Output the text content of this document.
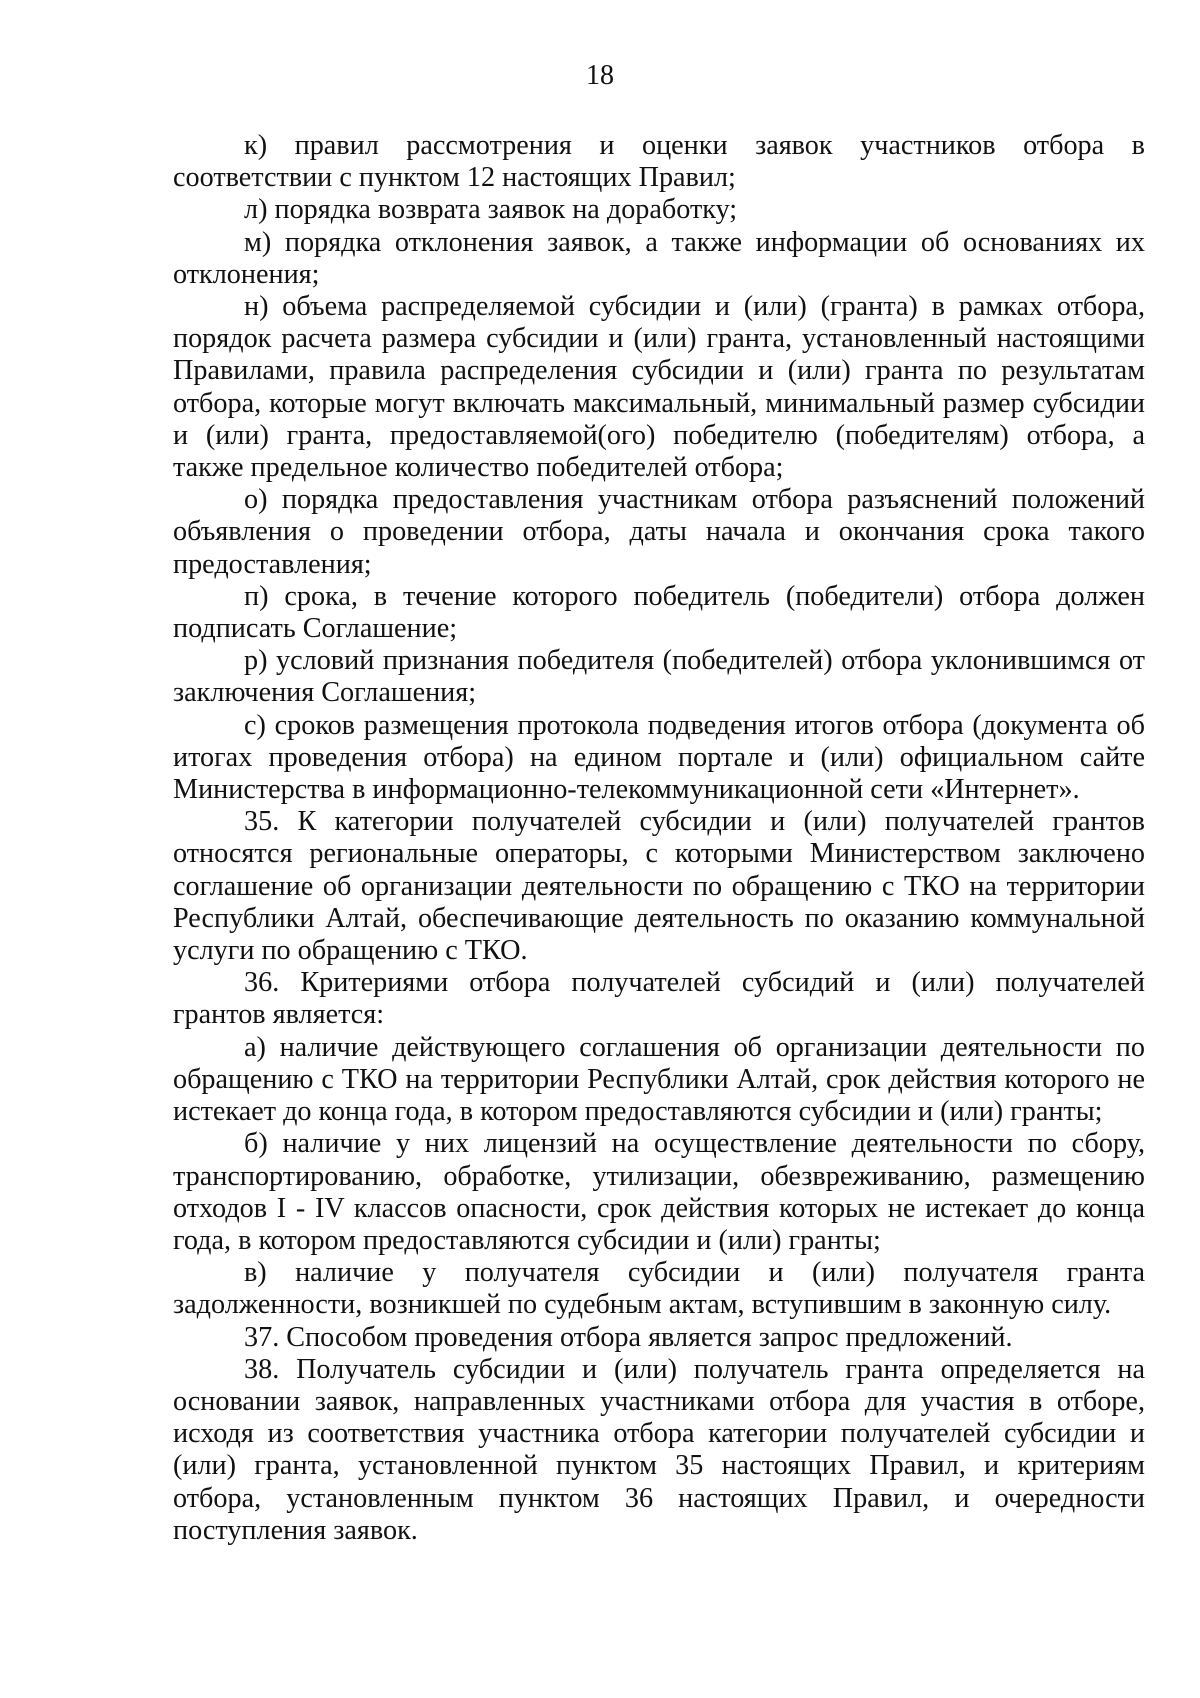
18

к) правил рассмотрения и оценки заявок участников отбора в соответствии с пунктом 12 настоящих Правил;

л) порядка возврата заявок на доработку;

м) порядка отклонения заявок, а также информации об основаниях их отклонения;

н) объема распределяемой субсидии и (или) (гранта) в рамках отбора, порядок расчета размера субсидии и (или) гранта, установленный настоящими Правилами, правила распределения субсидии и (или) гранта по результатам отбора, которые могут включать максимальный, минимальный размер субсидии и (или) гранта, предоставляемой(ого) победителю (победителям) отбора, а также предельное количество победителей отбора;

о) порядка предоставления участникам отбора разъяснений положений объявления о проведении отбора, даты начала и окончания срока такого предоставления;

п) срока, в течение которого победитель (победители) отбора должен подписать Соглашение;

р) условий признания победителя (победителей) отбора уклонившимся от заключения Соглашения;

с) сроков размещения протокола подведения итогов отбора (документа об итогах проведения отбора) на едином портале и (или) официальном сайте Министерства в информационно-телекоммуникационной сети «Интернет».

35. К категории получателей субсидии и (или) получателей грантов относятся региональные операторы, с которыми Министерством заключено соглашение об организации деятельности по обращению с ТКО на территории Республики Алтай, обеспечивающие деятельность по оказанию коммунальной услуги по обращению с ТКО.

36. Критериями отбора получателей субсидий и (или) получателей грантов является:

а) наличие действующего соглашения об организации деятельности по обращению с ТКО на территории Республики Алтай, срок действия которого не истекает до конца года, в котором предоставляются субсидии и (или) гранты;

б) наличие у них лицензий на осуществление деятельности по сбору, транспортированию, обработке, утилизации, обезвреживанию, размещению отходов I - IV классов опасности, срок действия которых не истекает до конца года, в котором предоставляются субсидии и (или) гранты;

в) наличие у получателя субсидии и (или) получателя гранта задолженности, возникшей по судебным актам, вступившим в законную силу.

37. Способом проведения отбора является запрос предложений.

38. Получатель субсидии и (или) получатель гранта определяется на основании заявок, направленных участниками отбора для участия в отборе, исходя из соответствия участника отбора категории получателей субсидии и (или) гранта, установленной пунктом 35 настоящих Правил, и критериям отбора, установленным пунктом 36 настоящих Правил, и очередности поступления заявок.
